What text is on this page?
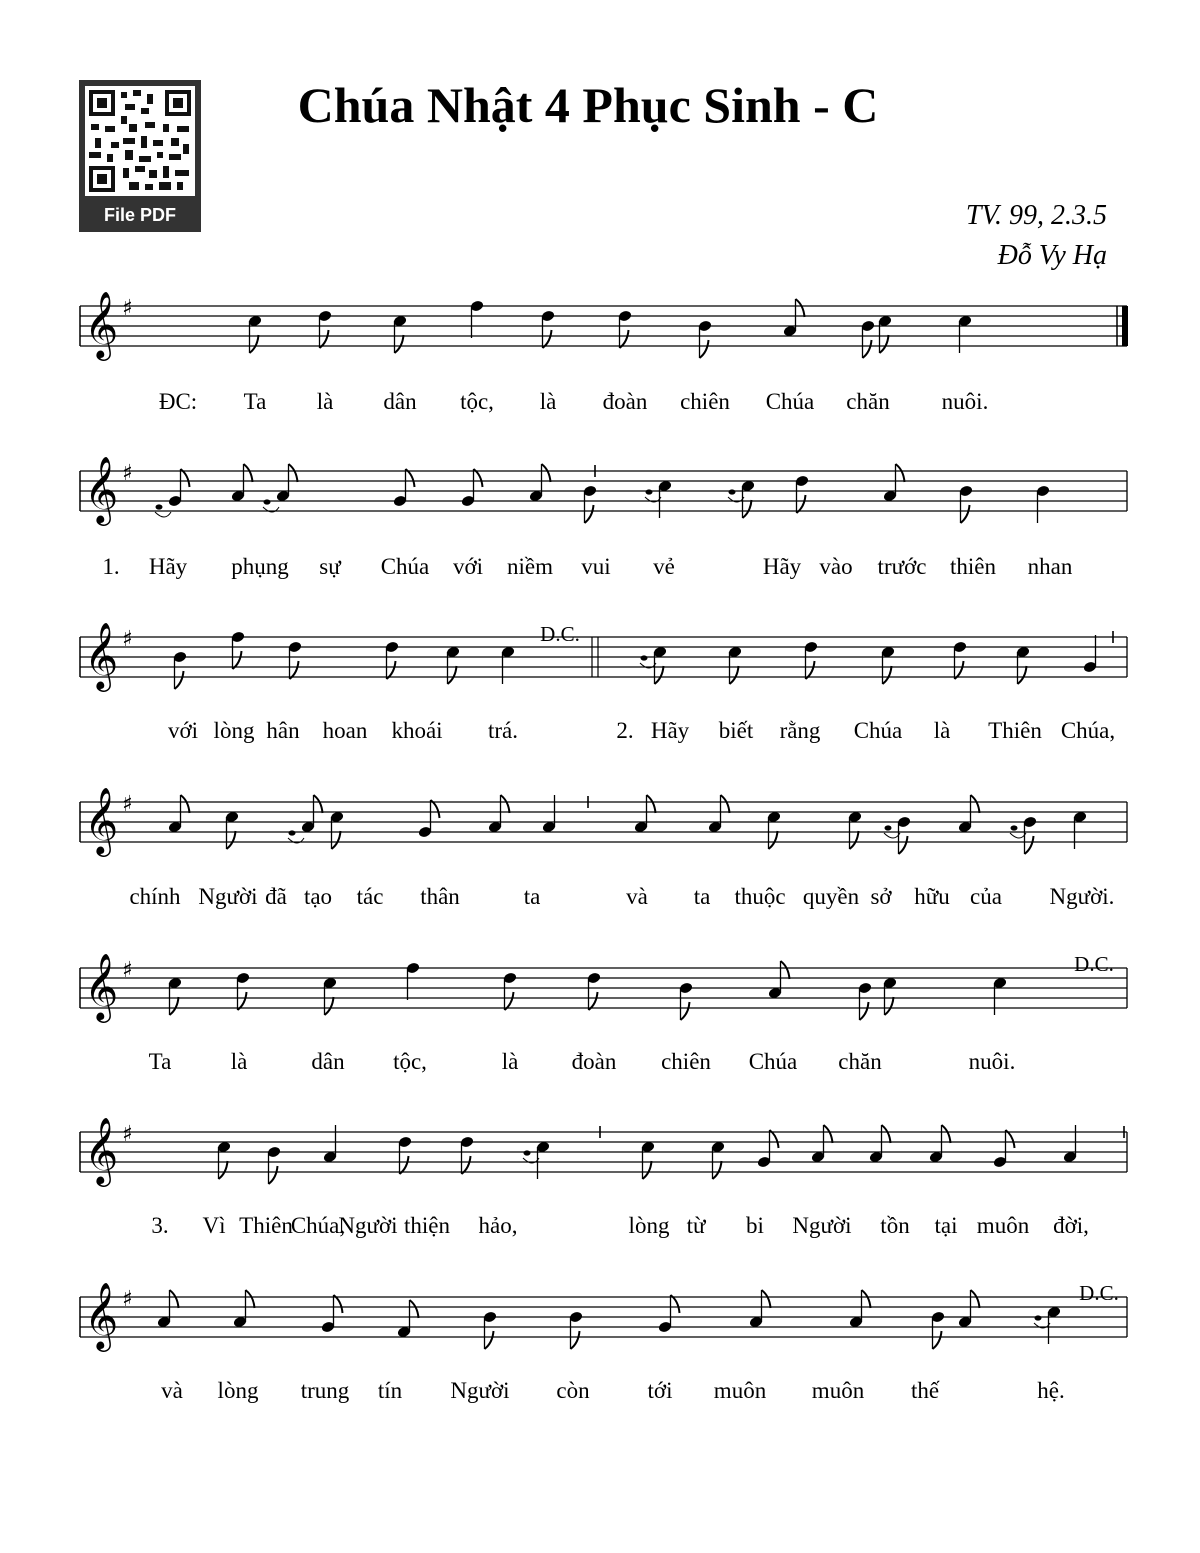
Chúa Nhật 4 Phục Sinh - C
File PDF	TV. 99, 2.3.5
Đỗ Vy Hạ
𝄞 ♯
ĐC: Ta là dân tộc, là đoàn chiên Chúa chăn nuôi.
𝄞 ♯
1. Hãy phụng sự Chúa với niềm vui vẻ	Hãy vào trước thiên nhan
𝄞 ♯	D.C.
với lòng hân hoan khoái trá.	2. Hãy biết rằng Chúa là Thiên Chúa,
𝄞 ♯
chính Người đã tạo tác thân	ta	và ta thuộc quyền sở hữu của Người.
𝄞 ♯	D.C.
Ta	là	dân tộc,	là đoàn chiên Chúa chăn	nuôi.
𝄞 ♯
3. Vì Thiên
Chúa,
Người thiện hảo,	lòng từ bi Người tồn tại muôn đời,
𝄞 ♯	D.C.
và lòng trung tín Người còn	tới muôn muôn thế	hệ.
